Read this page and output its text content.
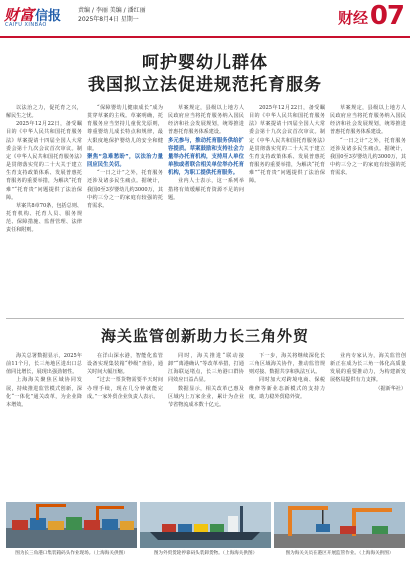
财富 信报
CAIFU XINBAO
责编 / 李丽 美编 / 潘红丽
2025年8月4日 星期一	财经 07
呵护婴幼儿群体
我国拟立法促进规范托育服务

以法治之力，促托育之兴，解民生之忧。

2025年12月22日，备受瞩目的《中华人民共和国托育服务法》草案提请十四届全国人大常委会第十九次会议首次审议。制定《中华人民共和国托育服务法》是贯彻落实党的二十大关于建立生育支持政策体系、发展普惠托育服务的重要举措，为解决“托育难”“托育贵”问题提供了法治保障。

草案共8章70条，包括总则、托育机构、托育人员、服务规范、保障措施、监督管理、法律责任和附则。

“保障婴幼儿健康成长”成为贯穿草案的主线。草案明确，托育服务应当坚持儿童优先原则，尊重婴幼儿成长特点和规律，最大限度地保护婴幼儿的安全和健康。

聚焦“急难愁盼”，以法治力量回应民生关切。

“一日之计”之外，托育服务还涉及诸多民生痛点。据统计，我国0至3岁婴幼儿约3000万，其中约三分之一的家庭有较强的托育需求。

草案规定，县级以上地方人民政府应当将托育服务纳入国民经济和社会发展规划，统筹推进普惠托育服务体系建设。

多元参与，推动托育服务供给扩容提质。草案鼓励和支持社会力量举办托育机构，支持用人单位单独或者联合相关单位举办托育机构，为职工提供托育服务。

业内人士表示，这一系列举措将有效缓解托育资源不足的问题。

2025年12月22日，备受瞩目的《中华人民共和国托育服务法》草案提请十四届全国人大常委会第十九次会议首次审议。制定《中华人民共和国托育服务法》是贯彻落实党的二十大关于建立生育支持政策体系、发展普惠托育服务的重要举措，为解决“托育难”“托育贵”问题提供了法治保障。

草案规定，县级以上地方人民政府应当将托育服务纳入国民经济和社会发展规划，统筹推进普惠托育服务体系建设。

“一日之计”之外，托育服务还涉及诸多民生痛点。据统计，我国0至3岁婴幼儿约3000万，其中约三分之一的家庭有较强的托育需求。

海关监管创新助力长三角外贸

海关总署数据显示，2025年前11个月，长三角地区进出口总值同比增长，展现出强劲韧性。

上海海关聚焦区域协同发展，持续推进监管模式创新，深化“一体化”通关改革，为企业降本增效。

在洋山深水港，智能化监管设备实现集装箱“秒级”查验，通关时间大幅压缩。

“过去一票货物需要半天时间办理手续，现在几分钟就能完成。”一家外贸企业负责人表示。

同时，海关推进“联动接卸”“离港确认”等改革举措，打通江海联运堵点，长三角港口群协同效应日益凸显。

数据显示，相关改革已惠及区域内上万家企业，累计为企业节省物流成本数十亿元。

下一步，海关将继续深化长三角区域海关协作，推动监管规则对接、数据共享和执法互认。

同时加大对跨境电商、保税维修等新业态新模式的支持力度，助力稳外贸稳外资。

业内专家认为，海关监管创新正在成为长三角一体化高质量发展的重要推动力，为构建新发展格局提供有力支撑。

（据新华社）

图为长三角港口集装箱码头作业现场。（上海海关供图）	图为外贸货轮停靠码头装卸货物。（上海海关供图）	图为海关关员在港区开展监管作业。（上海海关供图）
